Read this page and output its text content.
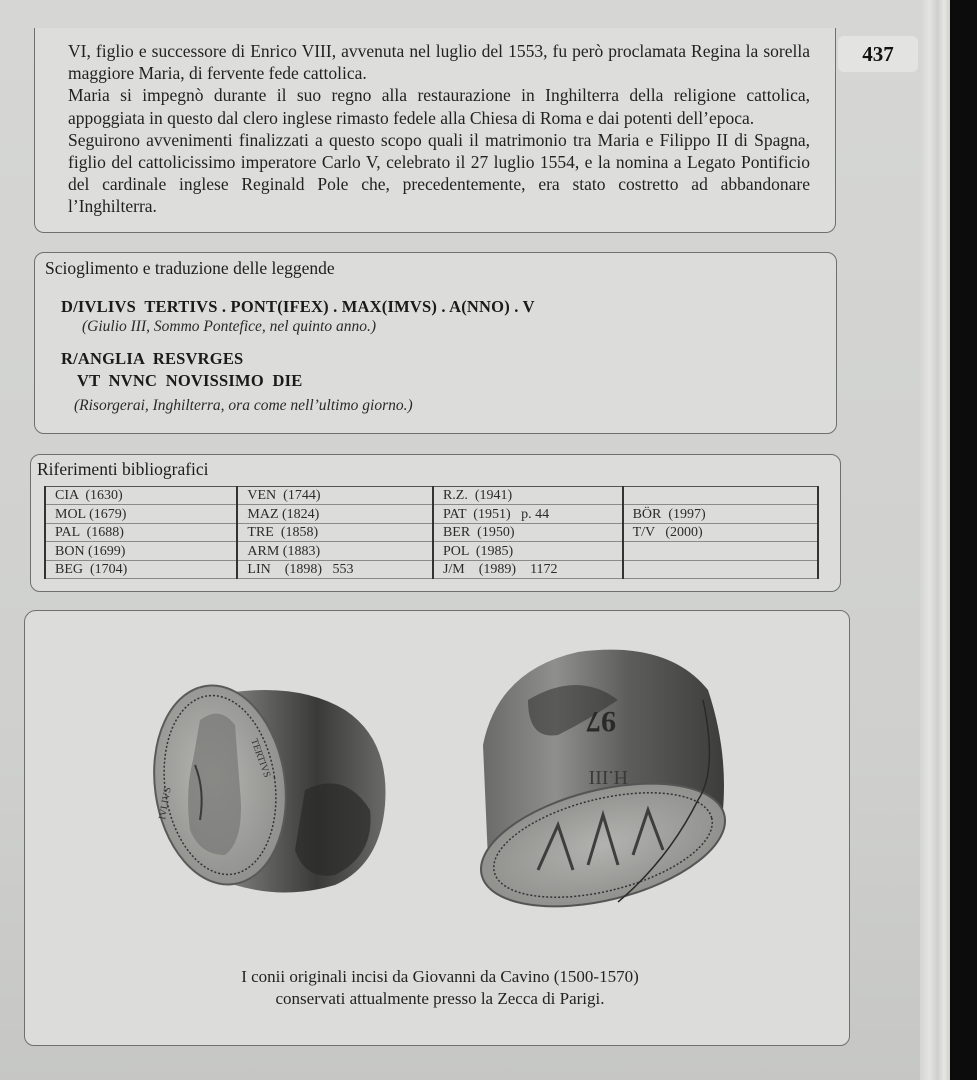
VI, figlio e successore di Enrico VIII, avvenuta nel luglio del 1553, fu però proclamata Regina la sorella maggiore Maria, di fervente fede cattolica.

Maria si impegnò durante il suo regno alla restaurazione in Inghilterra della religione cattolica, appoggiata in questo dal clero inglese rimasto fedele alla Chiesa di Roma e dai potenti dell’epoca.

Seguirono avvenimenti finalizzati a questo scopo quali il matrimonio tra Maria e Filippo II di Spagna, figlio del cattolicissimo imperatore Carlo V, celebrato il 27 luglio 1554, e la nomina a Legato Pontificio del cardinale inglese Reginald Pole che, precedentemente, era stato costretto ad abbandonare l’Inghilterra.

437
Scioglimento e traduzione delle leggende
D/IVLIVS  TERTIVS . PONT(IFEX) . MAX(IMVS) . A(NNO) . V
(Giulio III, Sommo Pontefice, nel quinto anno.)
R/ANGLIA  RESVRGES
VT  NVNC  NOVISSIMO  DIE
(Risorgerai, Inghilterra, ora come nell’ultimo giorno.)
Riferimenti bibliografici
CIA  (1630)	VEN  (1744)	R.Z.  (1941)	
MOL (1679)	MAZ (1824)	PAT  (1951)   p. 44	BÖR  (1997)
PAL  (1688)	TRE  (1858)	BER  (1950)	T/V   (2000)
BON (1699)	ARM (1883)	POL  (1985)	
BEG  (1704)	LIN    (1898)   553	J/M    (1989)    1172	
TERTIVS
IVLIVS
97
H.III
I conii originali incisi da Giovanni da Cavino (1500-1570)
conservati attualmente presso la Zecca di Parigi.
